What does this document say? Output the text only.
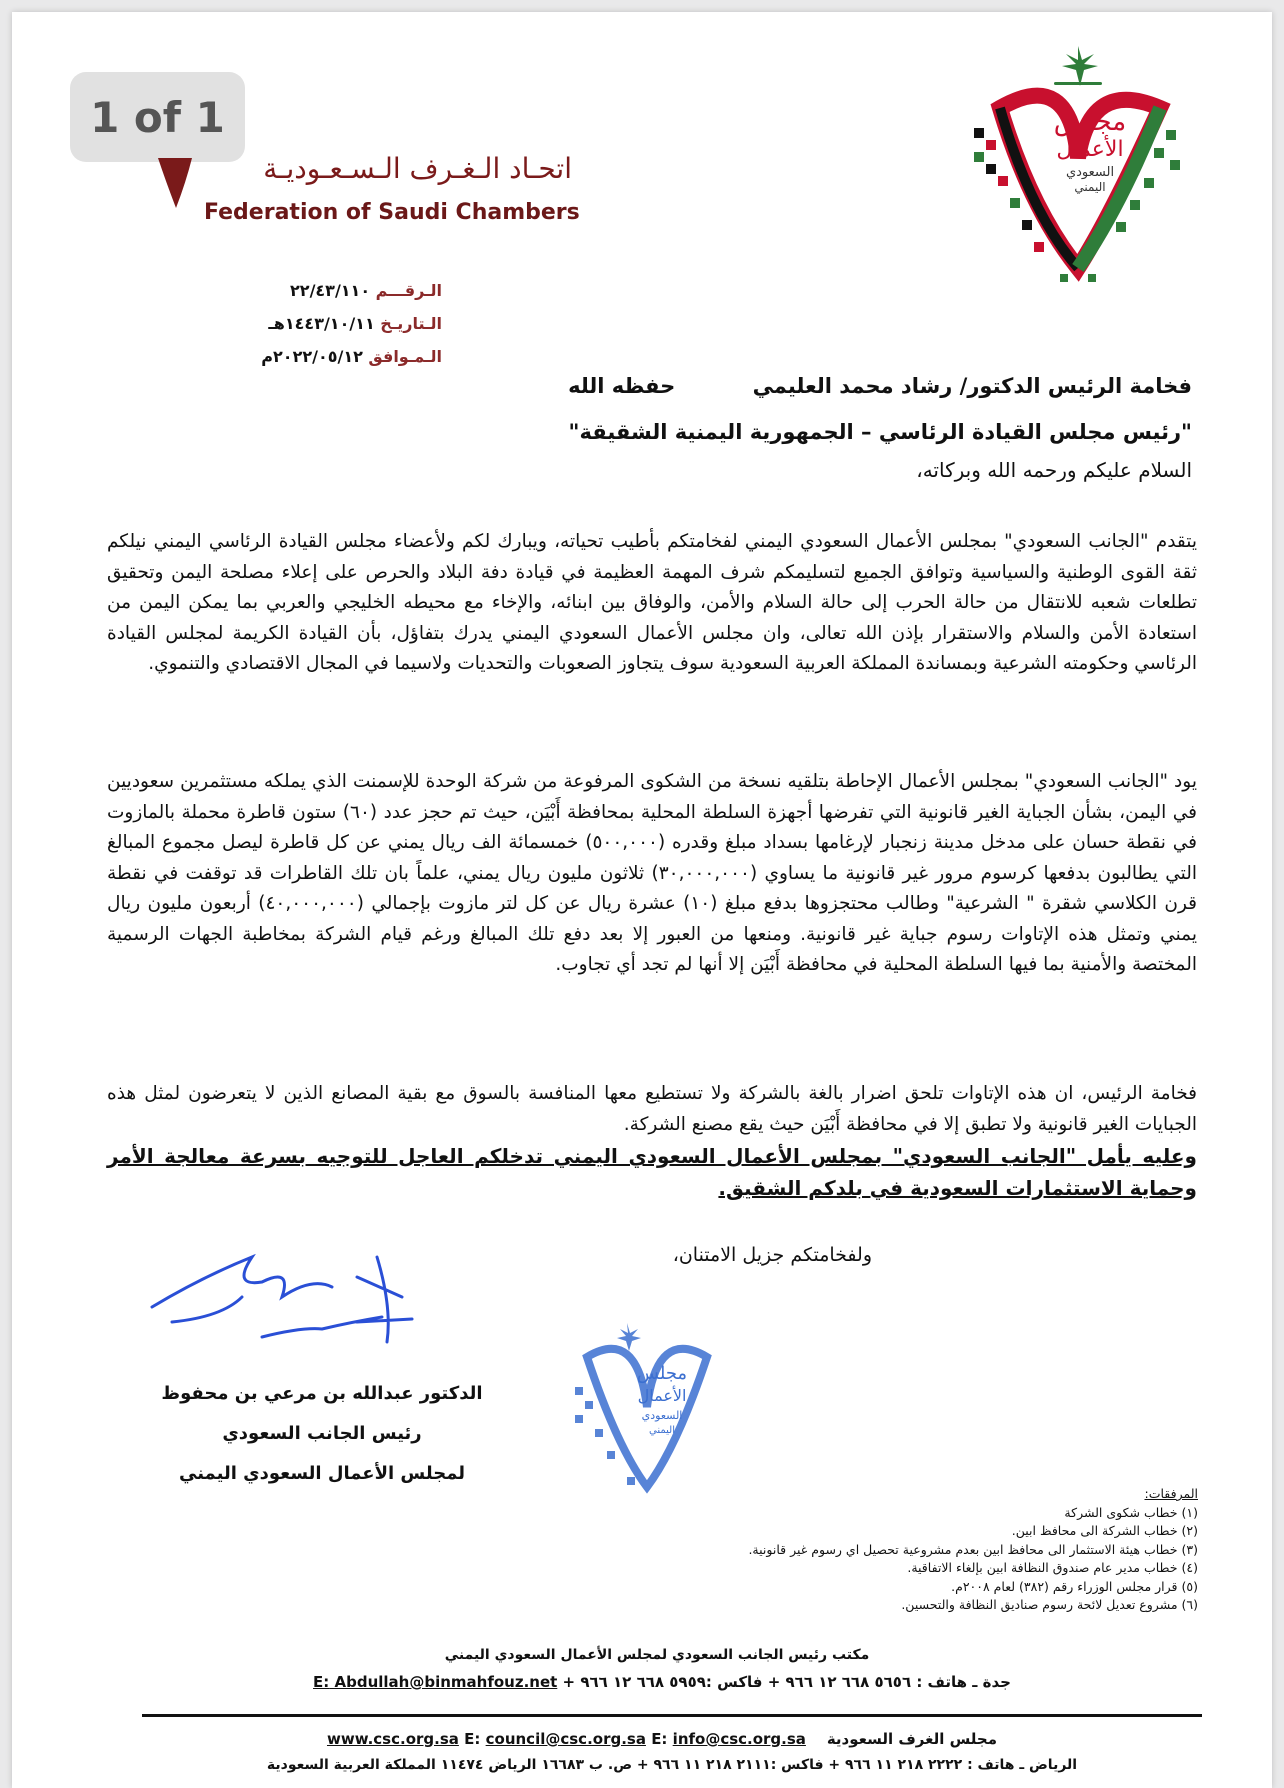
1 of 1
اتحـاد الـغـرف الـسـعـوديـة
Federation of Saudi Chambers
مجلس
الأعمال
السعودي
اليمني
الـرقـــم ٢٢/٤٣/١١٠
الـتاريـخ ١٤٤٣/١٠/١١هـ
الـمـوافق ٢٠٢٢/٠٥/١٢م
فخامة الرئيس الدكتور/ رشاد محمد العليمي حفظه الله
"رئيس مجلس القيادة الرئاسي – الجمهورية اليمنية الشقيقة"
السلام عليكم ورحمه الله وبركاته،
يتقدم "الجانب السعودي" بمجلس الأعمال السعودي اليمني لفخامتكم بأطيب تحياته، ويبارك لكم ولأعضاء مجلس القيادة الرئاسي اليمني نيلكم ثقة القوى الوطنية والسياسية وتوافق الجميع لتسليمكم شرف المهمة العظيمة في قيادة دفة البلاد والحرص على إعلاء مصلحة اليمن وتحقيق تطلعات شعبه للانتقال من حالة الحرب إلى حالة السلام والأمن، والوفاق بين ابنائه، والإخاء مع محيطه الخليجي والعربي بما يمكن اليمن من استعادة الأمن والسلام والاستقرار بإذن الله تعالى، وان مجلس الأعمال السعودي اليمني يدرك بتفاؤل، بأن القيادة الكريمة لمجلس القيادة الرئاسي وحكومته الشرعية وبمساندة المملكة العربية السعودية سوف يتجاوز الصعوبات والتحديات ولاسيما في المجال الاقتصادي والتنموي.
يود "الجانب السعودي" بمجلس الأعمال الإحاطة بتلقيه نسخة من الشكوى المرفوعة من شركة الوحدة للإسمنت الذي يملكه مستثمرين سعوديين في اليمن، بشأن الجباية الغير قانونية التي تفرضها أجهزة السلطة المحلية بمحافظة أَبْيَن، حيث تم حجز عدد (٦٠) ستون قاطرة محملة بالمازوت في نقطة حسان على مدخل مدينة زنجبار لإرغامها بسداد مبلغ وقدره (٥٠٠,٠٠٠) خمسمائة الف ريال يمني عن كل قاطرة ليصل مجموع المبالغ التي يطالبون بدفعها كرسوم مرور غير قانونية ما يساوي (٣٠,٠٠٠,٠٠٠) ثلاثون مليون ريال يمني، علماً بان تلك القاطرات قد توقفت في نقطة قرن الكلاسي شقرة " الشرعية" وطالب محتجزوها بدفع مبلغ (١٠) عشرة ريال عن كل لتر مازوت بإجمالي (٤٠,٠٠٠,٠٠٠) أربعون مليون ريال يمني وتمثل هذه الإتاوات رسوم جباية غير قانونية. ومنعها من العبور إلا بعد دفع تلك المبالغ ورغم قيام الشركة بمخاطبة الجهات الرسمية المختصة والأمنية بما فيها السلطة المحلية في محافظة أَبْيَن إلا أنها لم تجد أي تجاوب.
فخامة الرئيس، ان هذه الإتاوات تلحق اضرار بالغة بالشركة ولا تستطيع معها المنافسة بالسوق مع بقية المصانع الذين لا يتعرضون لمثل هذه الجبايات الغير قانونية ولا تطبق إلا في محافظة أَبْيَن حيث يقع مصنع الشركة.
وعليه يأمل "الجانب السعودي" بمجلس الأعمال السعودي اليمني تدخلكم العاجل للتوجيه بسرعة معالجة الأمر وحماية الاستثمارات السعودية في بلدكم الشقيق.
ولفخامتكم جزيل الامتنان،
الدكتور عبدالله بن مرعي بن محفوظ
رئيس الجانب السعودي
لمجلس الأعمال السعودي اليمني
مجلس
الأعمال
السعودي
اليمني
المرفقات:
(١) خطاب شكوى الشركة
(٢) خطاب الشركة الى محافظ ابين.
(٣) خطاب هيئة الاستثمار الى محافظ ابين بعدم مشروعية تحصيل اي رسوم غير قانونية.
(٤) خطاب مدير عام صندوق النظافة ابين بإلغاء الاتفاقية.
(٥) قرار مجلس الوزراء رقم (٣٨٢) لعام ٢٠٠٨م.
(٦) مشروع تعديل لائحة رسوم صناديق النظافة والتحسين.
مكتب رئيس الجانب السعودي لمجلس الأعمال السعودي اليمني
جدة ـ هاتف : ٥٦٥٦ ٦٦٨ ١٢ ٩٦٦ + فاكس :٥٩٥٩ ٦٦٨ ١٢ ٩٦٦ + E: Abdullah@binmahfouz.net
مجلس الغرف السعودية    www.csc.org.sa E: council@csc.org.sa E: info@csc.org.sa
الرياض ـ هاتف : ٢٢٢٢ ٢١٨ ١١ ٩٦٦ + فاكس :٢١١١ ٢١٨ ١١ ٩٦٦ + ص. ب ١٦٦٨٣ الرياض ١١٤٧٤ المملكة العربية السعودية
